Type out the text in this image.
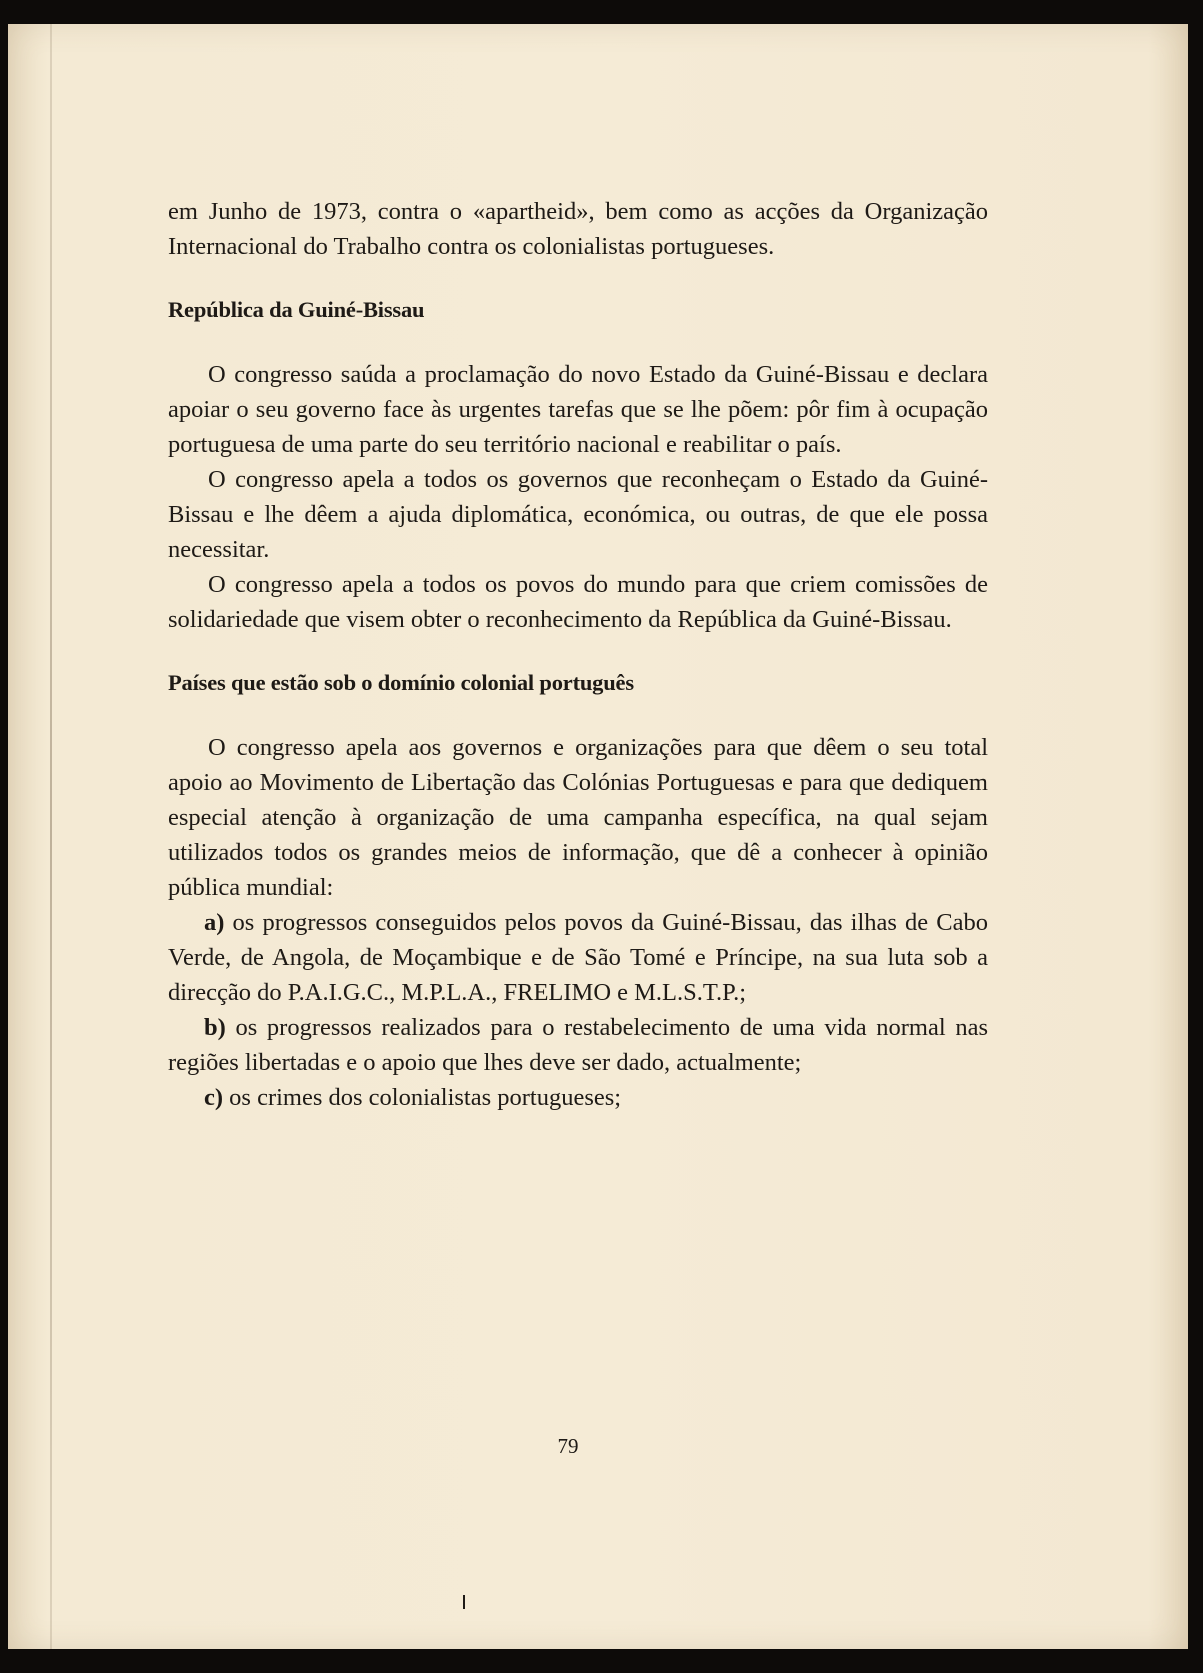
em Junho de 1973, contra o «apartheid», bem como as acções da Organização Internacional do Trabalho contra os colonialistas portugueses.

República da Guiné-Bissau

O congresso saúda a proclamação do novo Estado da Guiné-Bissau e declara apoiar o seu governo face às urgentes tarefas que se lhe põem: pôr fim à ocupação portuguesa de uma parte do seu território nacional e reabilitar o país.

O congresso apela a todos os governos que reconheçam o Estado da Guiné-Bissau e lhe dêem a ajuda diplomática, económica, ou outras, de que ele possa necessitar.

O congresso apela a todos os povos do mundo para que criem comissões de solidariedade que visem obter o reconhecimento da República da Guiné-Bissau.

Países que estão sob o domínio colonial português

O congresso apela aos governos e organizações para que dêem o seu total apoio ao Movimento de Libertação das Colónias Portuguesas e para que dediquem especial atenção à organização de uma campanha específica, na qual sejam utilizados todos os grandes meios de informação, que dê a conhecer à opinião pública mundial:

a) os progressos conseguidos pelos povos da Guiné-Bissau, das ilhas de Cabo Verde, de Angola, de Moçambique e de São Tomé e Príncipe, na sua luta sob a direcção do P.A.I.G.C., M.P.L.A., FRELIMO e M.L.S.T.P.;

b) os progressos realizados para o restabelecimento de uma vida normal nas regiões libertadas e o apoio que lhes deve ser dado, actualmente;

c) os crimes dos colonialistas portugueses;

79
